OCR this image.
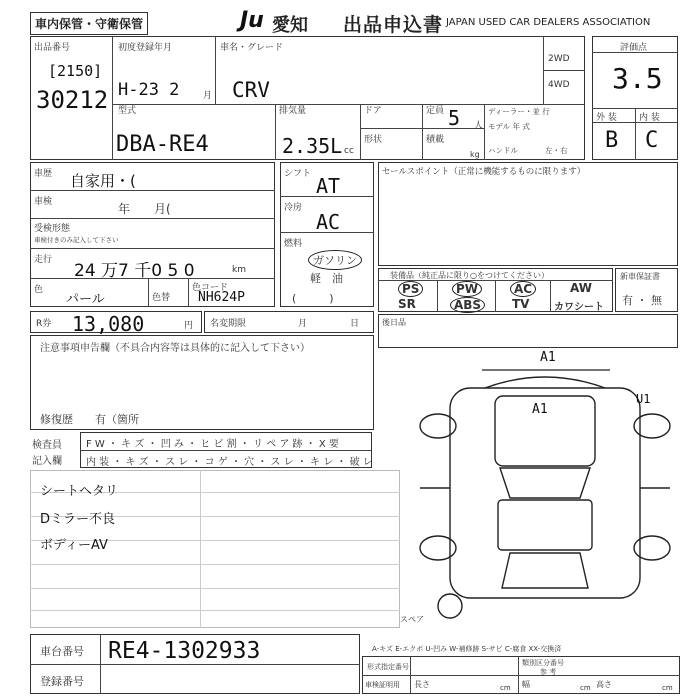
車内保管・守衛保管	Ju 愛知 出品申込書 JAPAN USED CAR DEALERS ASSOCIATION
出品番号
[2150]
30212
初度登録年月
H-23 2	月
車名・グレード
CRV
2WD
4WD
型式
DBA-RE4
排気量
2.35L cc
ドア
形状
定員 5 人
積載
kg
ディーラー・並 行
モデル 年 式
ハンドル	左・右
評価点
3.5
外 装 内 装
B C
車歴 自家用・(
車検	年　　月(
受検形態
車検付きのみ記入して下さい
走行
24 万7 千0 5 0	km
色
パール	色替
色コード
NH624P
シフト AT
冷房
AC
燃料
ガソリン
軽　油
(　　　)
セールスポイント（正常に機能するものに限ります）
装備品（純正品に限り○をつけてください）
PS	PW	AC	AW
SR	ABS	TV カワシート
新車保証書
有 ・ 無
R券 13,080	円 名変期限	月	日	後日品
注意事項申告欄（不具合内容等は具体的に記入して下さい）
修復歴　　有（箇所
検査員
記入欄
F W ・ キ ズ ・ 凹 み ・ ヒ ビ 割 ・ リ ペ ア 跡 ・ X 要
内 装 ・ キ ズ ・ ス レ ・ コ ゲ ・ 穴 ・ ス レ ・ キ レ ・ 破 レ
シートヘタリ
Dミラー不良
ボディーAV
A1
A1
U1
スペア
車台番号 RE4-1302933
登録番号
A-キズ E-エクボ U-凹み W-補修跡 S-サビ C-腐食 XX-交換済
形式指定番号	類別区分番号
参 考
車検証明用 長さ	cm 幅	cm 高さ	cm
